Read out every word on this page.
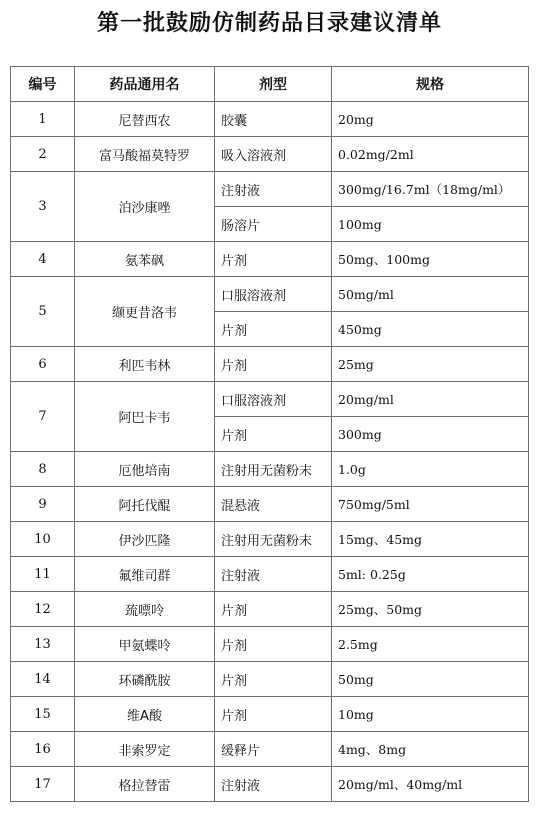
第一批鼓励仿制药品目录建议清单
编号	药品通用名	剂型	规格
1	尼替西农	胶囊	20mg
2	富马酸福莫特罗	吸入溶液剂	0.02mg/2ml
3	泊沙康唑	注射液	300mg/16.7ml（18mg/ml）
		肠溶片	100mg
4	氨苯砜	片剂	50mg、100mg
5	缬更昔洛韦	口服溶液剂	50mg/ml
		片剂	450mg
6	利匹韦林	片剂	25mg
7	阿巴卡韦	口服溶液剂	20mg/ml
		片剂	300mg
8	厄他培南	注射用无菌粉末	1.0g
9	阿托伐醌	混悬液	750mg/5ml
10	伊沙匹隆	注射用无菌粉末	15mg、45mg
11	氟维司群	注射液	5ml: 0.25g
12	巯嘌呤	片剂	25mg、50mg
13	甲氨蝶呤	片剂	2.5mg
14	环磷酰胺	片剂	50mg
15	维A酸	片剂	10mg
16	非索罗定	缓释片	4mg、8mg
17	格拉替雷	注射液	20mg/ml、40mg/ml
